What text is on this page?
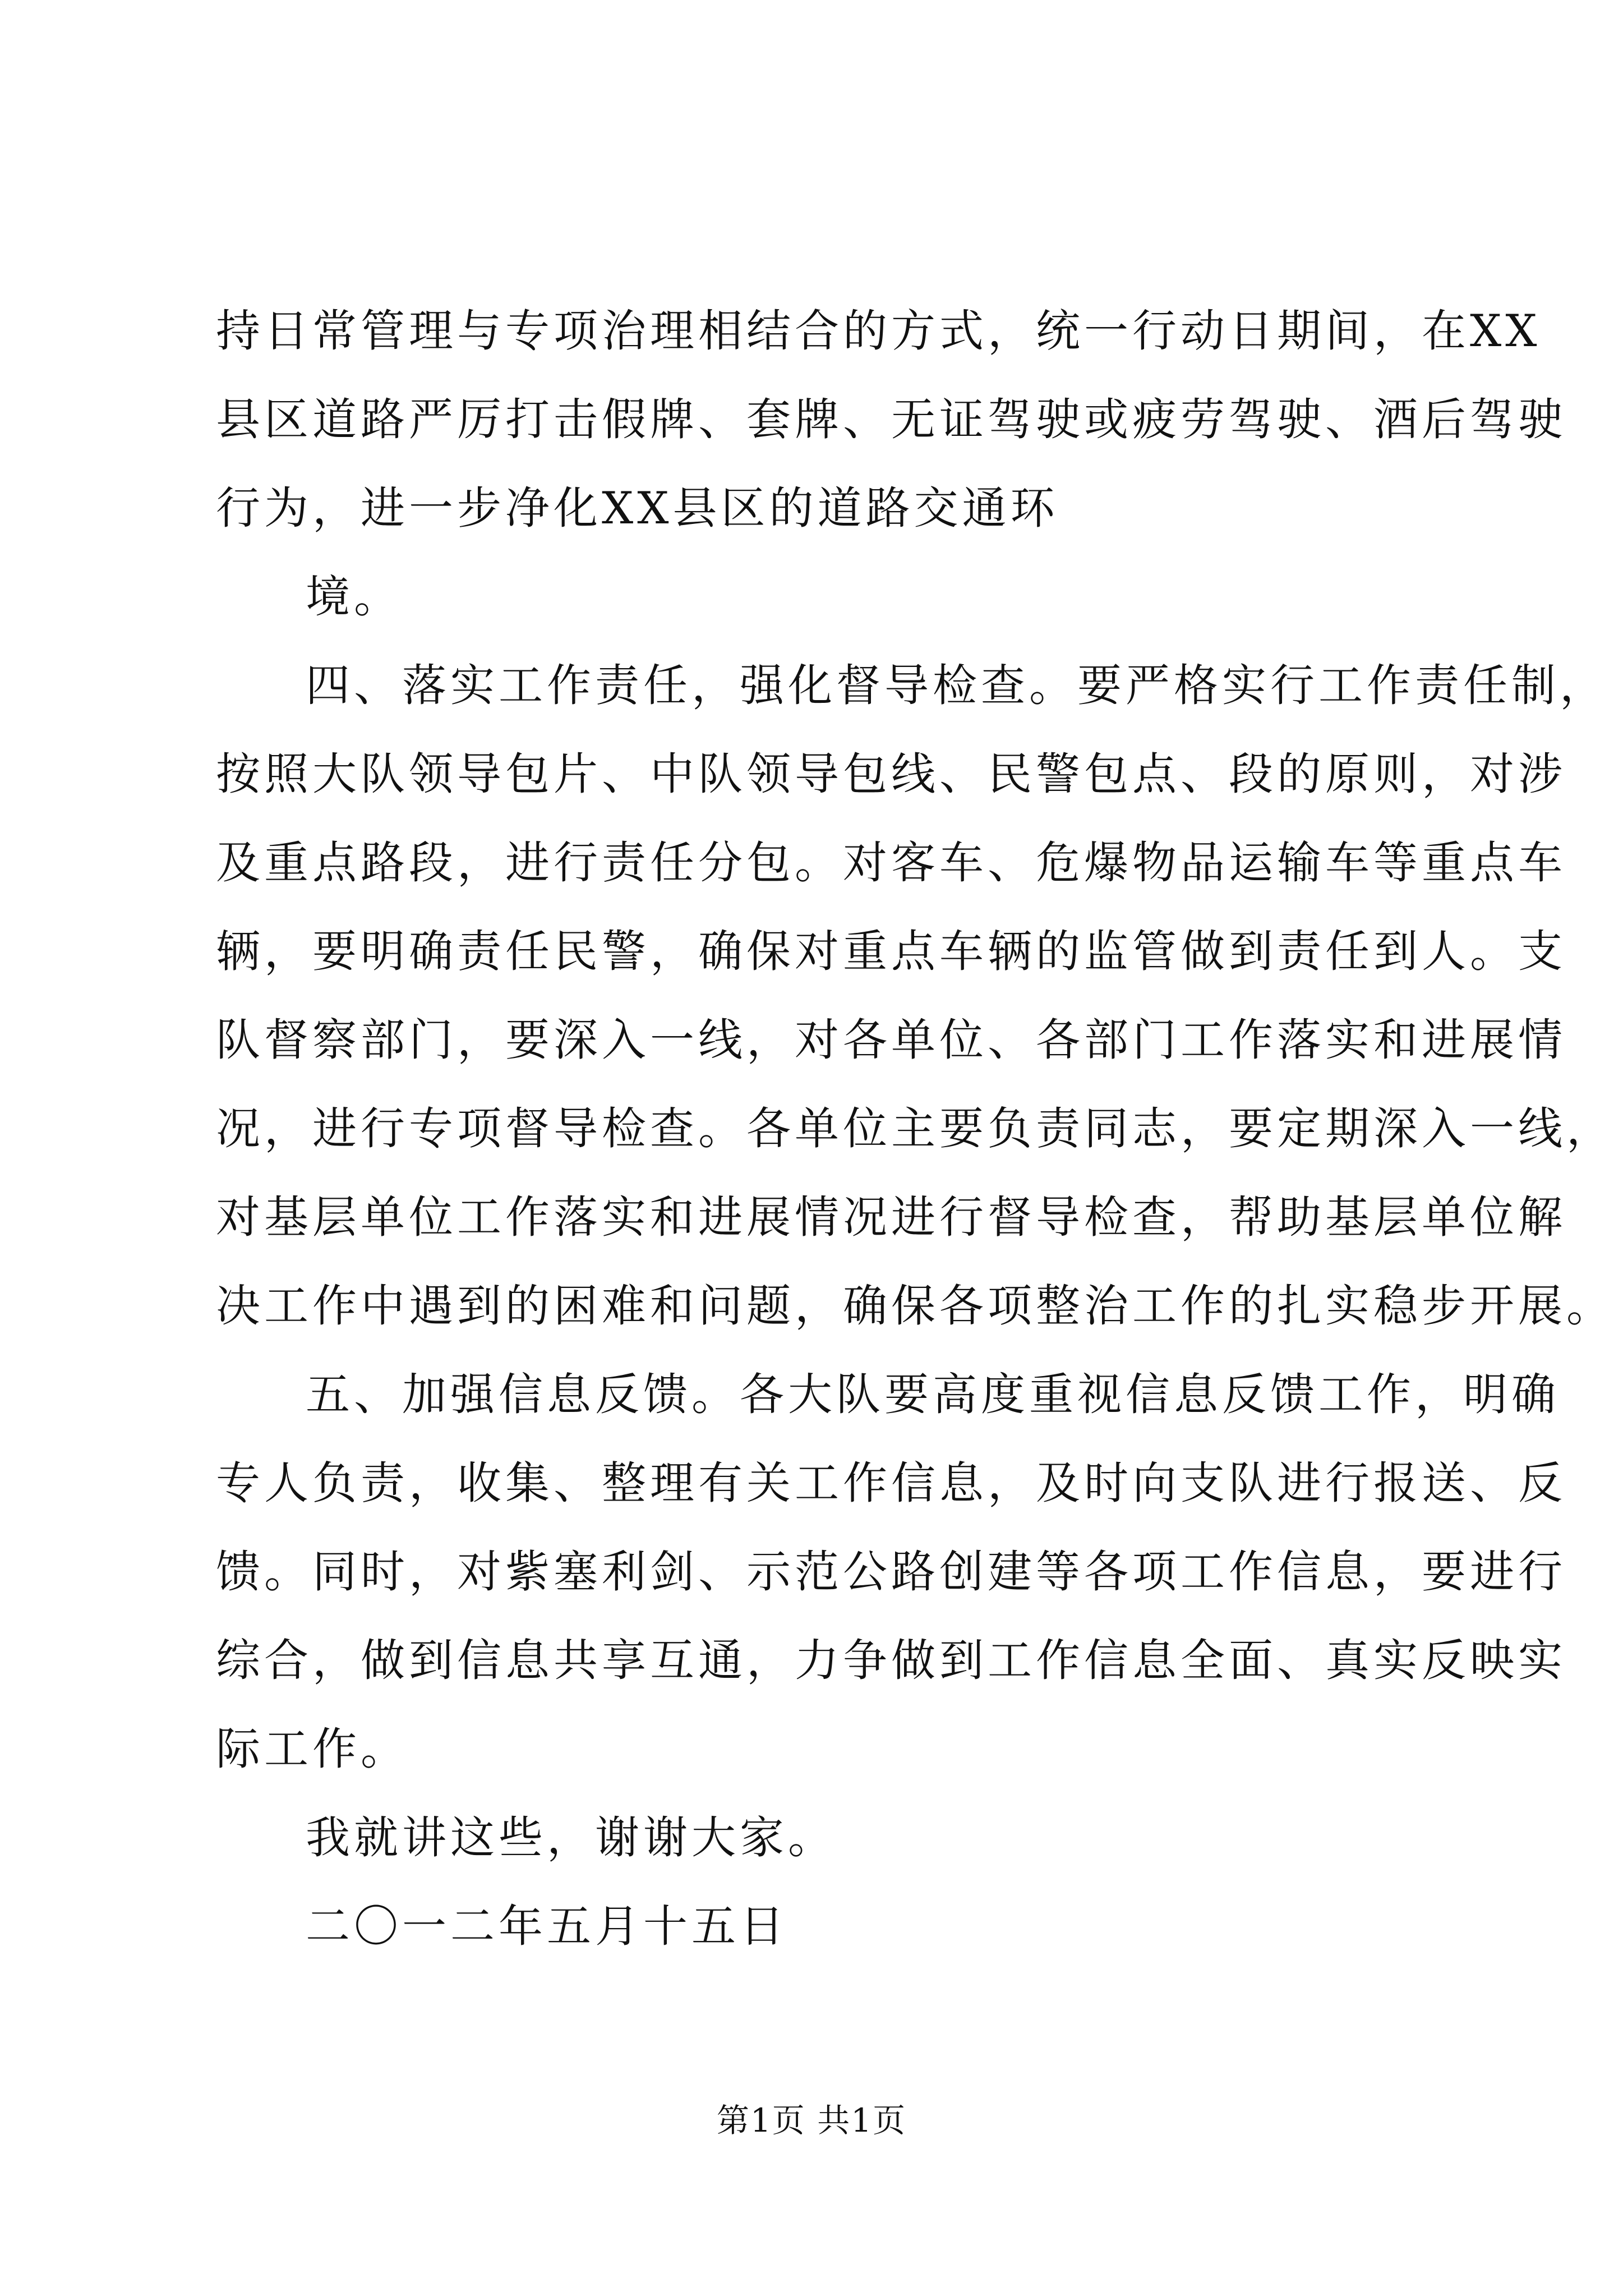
持日常管理与专项治理相结合的方式，统一行动日期间，在XX
县区道路严厉打击假牌、套牌、无证驾驶或疲劳驾驶、酒后驾驶
行为，进一步净化XX县区的道路交通环
境。
四、落实工作责任，强化督导检查。要严格实行工作责任制，
按照大队领导包片、中队领导包线、民警包点、段的原则，对涉
及重点路段，进行责任分包。对客车、危爆物品运输车等重点车
辆，要明确责任民警，确保对重点车辆的监管做到责任到人。支
队督察部门，要深入一线，对各单位、各部门工作落实和进展情
况，进行专项督导检查。各单位主要负责同志，要定期深入一线，
对基层单位工作落实和进展情况进行督导检查，帮助基层单位解
决工作中遇到的困难和问题，确保各项整治工作的扎实稳步开展。
五、加强信息反馈。各大队要高度重视信息反馈工作，明确
专人负责，收集、整理有关工作信息，及时向支队进行报送、反
馈。同时，对紫塞利剑、示范公路创建等各项工作信息，要进行
综合，做到信息共享互通，力争做到工作信息全面、真实反映实
际工作。
我就讲这些，谢谢大家。
二〇一二年五月十五日
第1页 共1页
